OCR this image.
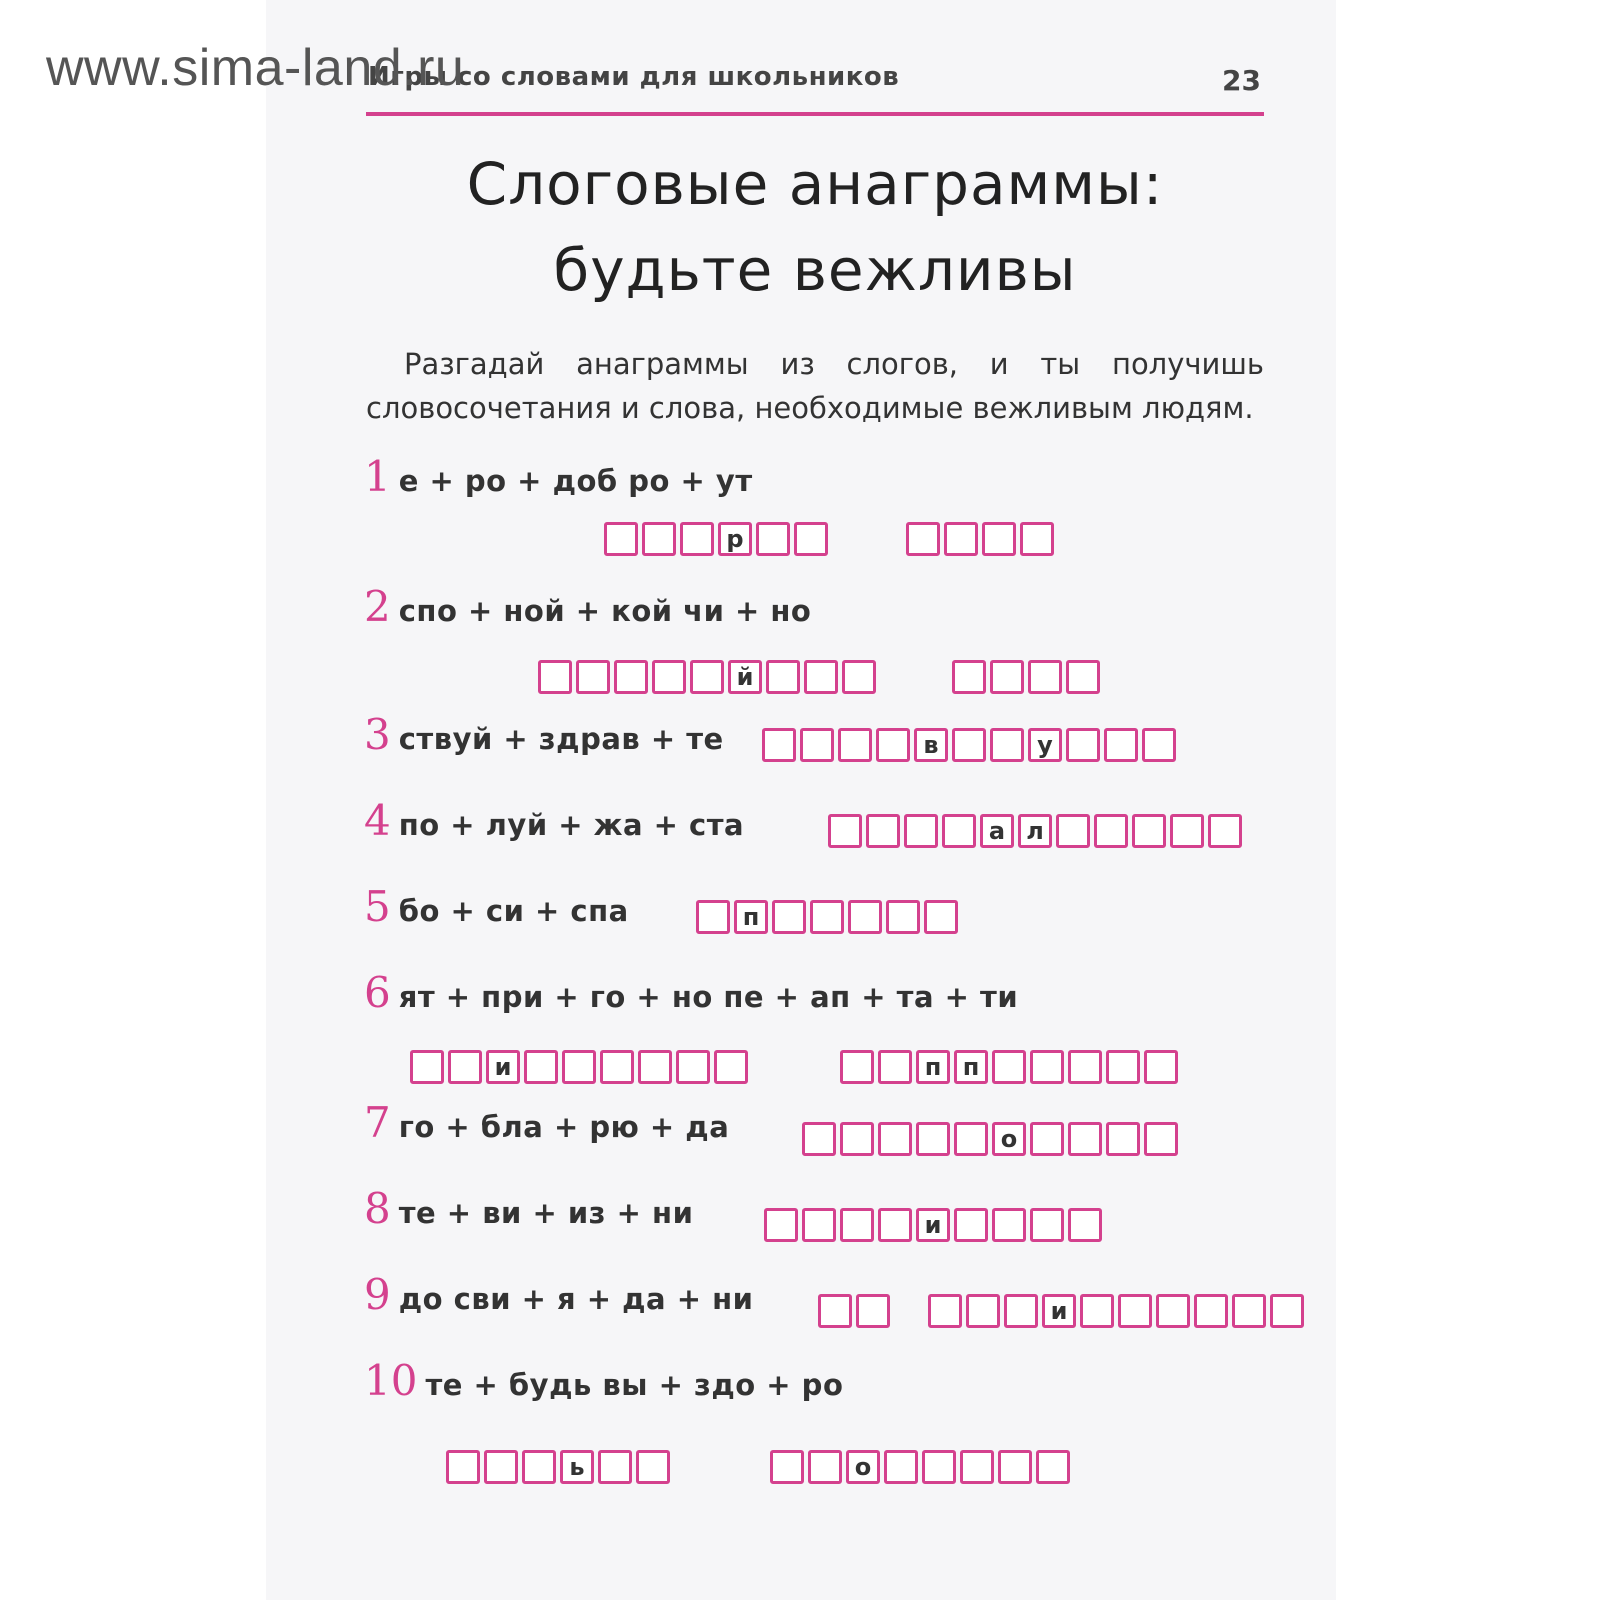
www.sima-land.ru
Игры со словами для школьников	23
Слоговые анаграммы:
будьте вежливы
Разгадай анаграммы из слогов, и ты получишь словосочетания и слова, необходимые вежливым людям.
1 е + ро + доб ро + ут
2 спо + ной + кой чи + но
3 ствуй + здрав + те
4 по + луй + жа + ста
5 бо + си + спа
6 ят + при + го + но пе + ап + та + ти
7 го + бла + рю + да
8 те + ви + из + ни
9 до сви + я + да + ни
10 те + будь вы + здо + ро
р
й
в	у
а л
п
и	п п
о
и
и
ь	о
